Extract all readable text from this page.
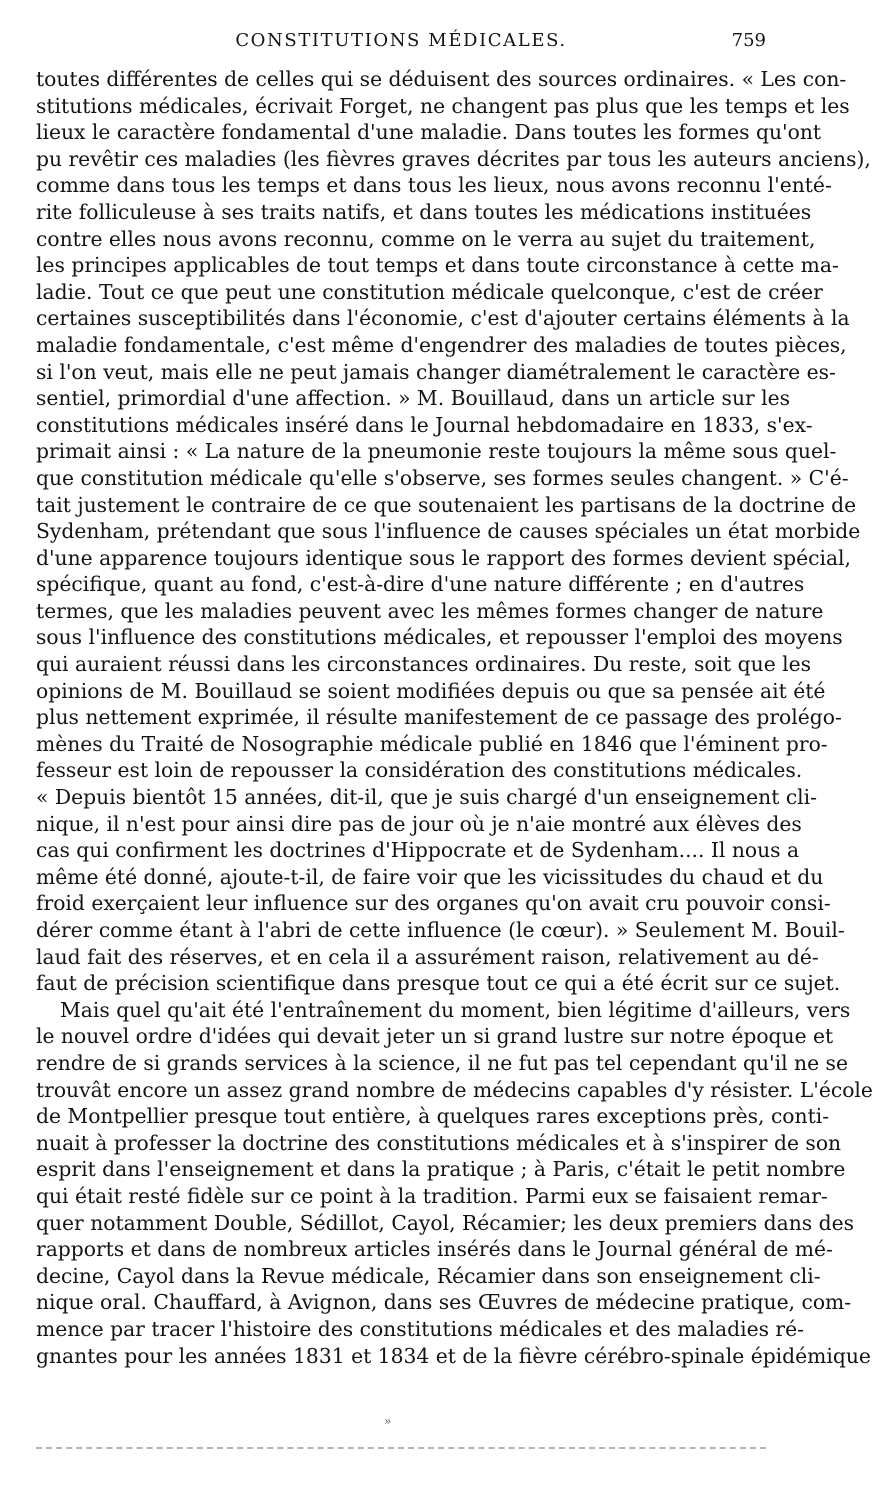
CONSTITUTIONS MÉDICALES.	759
toutes différentes de celles qui se déduisent des sources ordinaires. « Les con-
stitutions médicales, écrivait Forget, ne changent pas plus que les temps et les
lieux le caractère fondamental d'une maladie. Dans toutes les formes qu'ont
pu revêtir ces maladies (les fièvres graves décrites par tous les auteurs anciens),
comme dans tous les temps et dans tous les lieux, nous avons reconnu l'enté-
rite folliculeuse à ses traits natifs, et dans toutes les médications instituées
contre elles nous avons reconnu, comme on le verra au sujet du traitement,
les principes applicables de tout temps et dans toute circonstance à cette ma-
ladie. Tout ce que peut une constitution médicale quelconque, c'est de créer
certaines susceptibilités dans l'économie, c'est d'ajouter certains éléments à la
maladie fondamentale, c'est même d'engendrer des maladies de toutes pièces,
si l'on veut, mais elle ne peut jamais changer diamétralement le caractère es-
sentiel, primordial d'une affection. » M. Bouillaud, dans un article sur les
constitutions médicales inséré dans le Journal hebdomadaire en 1833, s'ex-
primait ainsi : « La nature de la pneumonie reste toujours la même sous quel-
que constitution médicale qu'elle s'observe, ses formes seules changent. » C'é-
tait justement le contraire de ce que soutenaient les partisans de la doctrine de
Sydenham, prétendant que sous l'influence de causes spéciales un état morbide
d'une apparence toujours identique sous le rapport des formes devient spécial,
spécifique, quant au fond, c'est-à-dire d'une nature différente ; en d'autres
termes, que les maladies peuvent avec les mêmes formes changer de nature
sous l'influence des constitutions médicales, et repousser l'emploi des moyens
qui auraient réussi dans les circonstances ordinaires. Du reste, soit que les
opinions de M. Bouillaud se soient modifiées depuis ou que sa pensée ait été
plus nettement exprimée, il résulte manifestement de ce passage des prolégo-
mènes du Traité de Nosographie médicale publié en 1846 que l'éminent pro-
fesseur est loin de repousser la considération des constitutions médicales.
« Depuis bientôt 15 années, dit-il, que je suis chargé d'un enseignement cli-
nique, il n'est pour ainsi dire pas de jour où je n'aie montré aux élèves des
cas qui confirment les doctrines d'Hippocrate et de Sydenham.... Il nous a
même été donné, ajoute-t-il, de faire voir que les vicissitudes du chaud et du
froid exerçaient leur influence sur des organes qu'on avait cru pouvoir consi-
dérer comme étant à l'abri de cette influence (le cœur). » Seulement M. Bouil-
laud fait des réserves, et en cela il a assurément raison, relativement au dé-
faut de précision scientifique dans presque tout ce qui a été écrit sur ce sujet.
Mais quel qu'ait été l'entraînement du moment, bien légitime d'ailleurs, vers
le nouvel ordre d'idées qui devait jeter un si grand lustre sur notre époque et
rendre de si grands services à la science, il ne fut pas tel cependant qu'il ne se
trouvât encore un assez grand nombre de médecins capables d'y résister. L'école
de Montpellier presque tout entière, à quelques rares exceptions près, conti-
nuait à professer la doctrine des constitutions médicales et à s'inspirer de son
esprit dans l'enseignement et dans la pratique ; à Paris, c'était le petit nombre
qui était resté fidèle sur ce point à la tradition. Parmi eux se faisaient remar-
quer notamment Double, Sédillot, Cayol, Récamier; les deux premiers dans des
rapports et dans de nombreux articles insérés dans le Journal général de mé-
decine, Cayol dans la Revue médicale, Récamier dans son enseignement cli-
nique oral. Chauffard, à Avignon, dans ses Œuvres de médecine pratique, com-
mence par tracer l'histoire des constitutions médicales et des maladies ré-
gnantes pour les années 1831 et 1834 et de la fièvre cérébro-spinale épidémique
»
